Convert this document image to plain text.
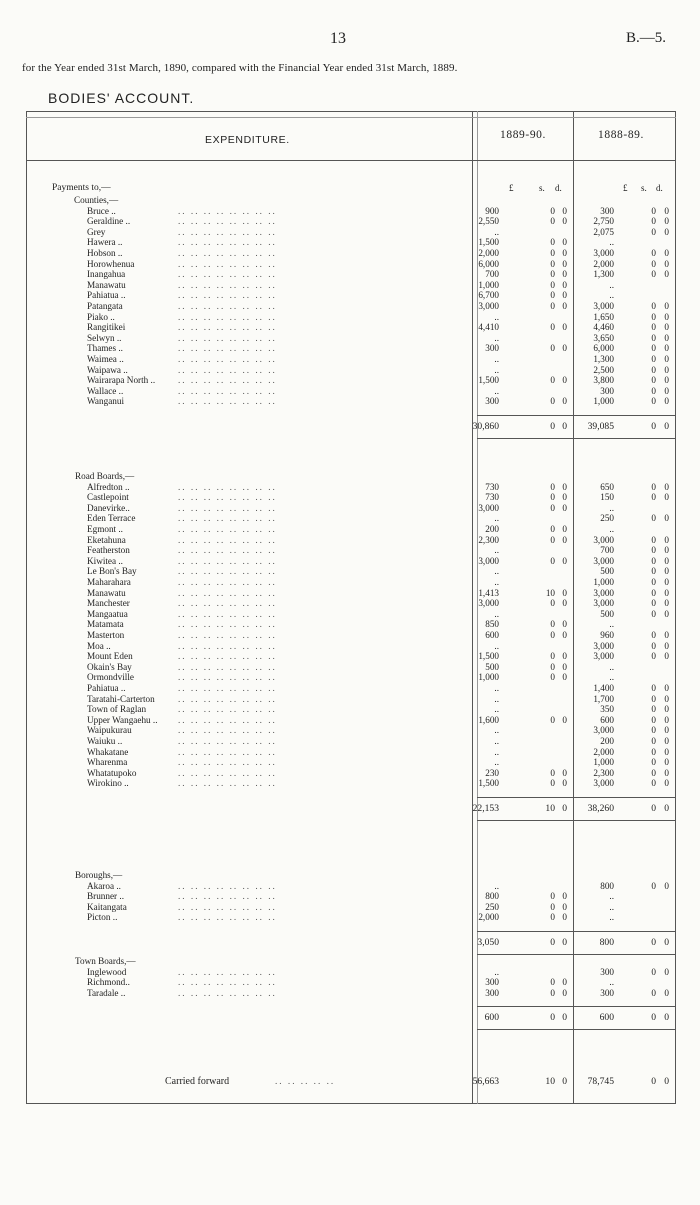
13	B.—5.
for the Year ended 31st March, 1890, compared with the Financial Year ended 31st March, 1889.
BODIES' ACCOUNT.
EXPENDITURE.	1889-90.	1888-89.
£	s. d.	£ s. d.
Payments to,—
Counties,—
Bruce ..	.. .. .. .. .. .. .. ..	900	0 0	300	0 0
Geraldine ..	.. .. .. .. .. .. .. ..	2,550	0 0	2,750	0 0
Grey	.. .. .. .. .. .. .. ..	..	2,075	0 0
Hawera ..	.. .. .. .. .. .. .. ..	1,500	0 0	..
Hobson ..	.. .. .. .. .. .. .. ..	2,000	0 0	3,000	0 0
Horowhenua	.. .. .. .. .. .. .. ..	6,000	0 0	2,000	0 0
Inangahua	.. .. .. .. .. .. .. ..	700	0 0	1,300	0 0
Manawatu	.. .. .. .. .. .. .. ..	1,000	0 0	..
Pahiatua ..	.. .. .. .. .. .. .. ..	6,700	0 0	..
Patangata	.. .. .. .. .. .. .. ..	3,000	0 0	3,000	0 0
Piako ..	.. .. .. .. .. .. .. ..	..	1,650	0 0
Rangitikei	.. .. .. .. .. .. .. ..	4,410	0 0	4,460	0 0
Selwyn ..	.. .. .. .. .. .. .. ..	..	3,650	0 0
Thames ..	.. .. .. .. .. .. .. ..	300	0 0	6,000	0 0
Waimea ..	.. .. .. .. .. .. .. ..	..	1,300	0 0
Waipawa ..	.. .. .. .. .. .. .. ..	..	2,500	0 0
Wairarapa North .. .. .. .. .. .. .. .. ..	1,500	0 0	3,800	0 0
Wallace ..	.. .. .. .. .. .. .. ..	..	300	0 0
Wanganui	.. .. .. .. .. .. .. ..	300	0 0	1,000	0 0
30,860	0 0	39,085	0 0
Road Boards,—
Alfredton ..	.. .. .. .. .. .. .. ..	730	0 0	650	0 0
Castlepoint	.. .. .. .. .. .. .. ..	730	0 0	150	0 0
Danevirke..	.. .. .. .. .. .. .. ..	3,000	0 0	..
Eden Terrace	.. .. .. .. .. .. .. ..	..	250	0 0
Egmont ..	.. .. .. .. .. .. .. ..	200	0 0	..
Eketahuna	.. .. .. .. .. .. .. ..	2,300	0 0	3,000	0 0
Featherston	.. .. .. .. .. .. .. ..	..	700	0 0
Kiwitea ..	.. .. .. .. .. .. .. ..	3,000	0 0	3,000	0 0
Le Bon's Bay	.. .. .. .. .. .. .. ..	..	500	0 0
Maharahara	.. .. .. .. .. .. .. ..	..	1,000	0 0
Manawatu	.. .. .. .. .. .. .. ..	1,413	10 0	3,000	0 0
Manchester	.. .. .. .. .. .. .. ..	3,000	0 0	3,000	0 0
Mangaatua	.. .. .. .. .. .. .. ..	..	500	0 0
Matamata	.. .. .. .. .. .. .. ..	850	0 0	..
Masterton	.. .. .. .. .. .. .. ..	600	0 0	960	0 0
Moa ..	.. .. .. .. .. .. .. ..	..	3,000	0 0
Mount Eden	.. .. .. .. .. .. .. ..	1,500	0 0	3,000	0 0
Okain's Bay	.. .. .. .. .. .. .. ..	500	0 0	..
Ormondville	.. .. .. .. .. .. .. ..	1,000	0 0	..
Pahiatua ..	.. .. .. .. .. .. .. ..	..	1,400	0 0
Taratahi-Carterton	.. .. .. .. .. .. .. ..	..	1,700	0 0
Town of Raglan	.. .. .. .. .. .. .. ..	..	350	0 0
Upper Wangaehu .. .. .. .. .. .. .. .. ..	1,600	0 0	600	0 0
Waipukurau	.. .. .. .. .. .. .. ..	..	3,000	0 0
Waiuku ..	.. .. .. .. .. .. .. ..	..	200	0 0
Whakatane	.. .. .. .. .. .. .. ..	..	2,000	0 0
Wharenma	.. .. .. .. .. .. .. ..	..	1,000	0 0
Whatatupoko	.. .. .. .. .. .. .. ..	230	0 0	2,300	0 0
Wirokino ..	.. .. .. .. .. .. .. ..	1,500	0 0	3,000	0 0
22,153	10 0	38,260	0 0
Boroughs,—
Akaroa ..	.. .. .. .. .. .. .. ..	..	800	0 0
Brunner ..	.. .. .. .. .. .. .. ..	800	0 0	..
Kaitangata	.. .. .. .. .. .. .. ..	250	0 0	..
Picton ..	.. .. .. .. .. .. .. ..	2,000	0 0	..
3,050	0 0	800	0 0
Town Boards,—
Inglewood	.. .. .. .. .. .. .. ..	..	300	0 0
Richmond..	.. .. .. .. .. .. .. ..	300	0 0	..
Taradale ..	.. .. .. .. .. .. .. ..	300	0 0	300	0 0
600	0 0	600	0 0
Carried forward	.. .. .. .. ..	56,663	10 0	78,745	0 0
